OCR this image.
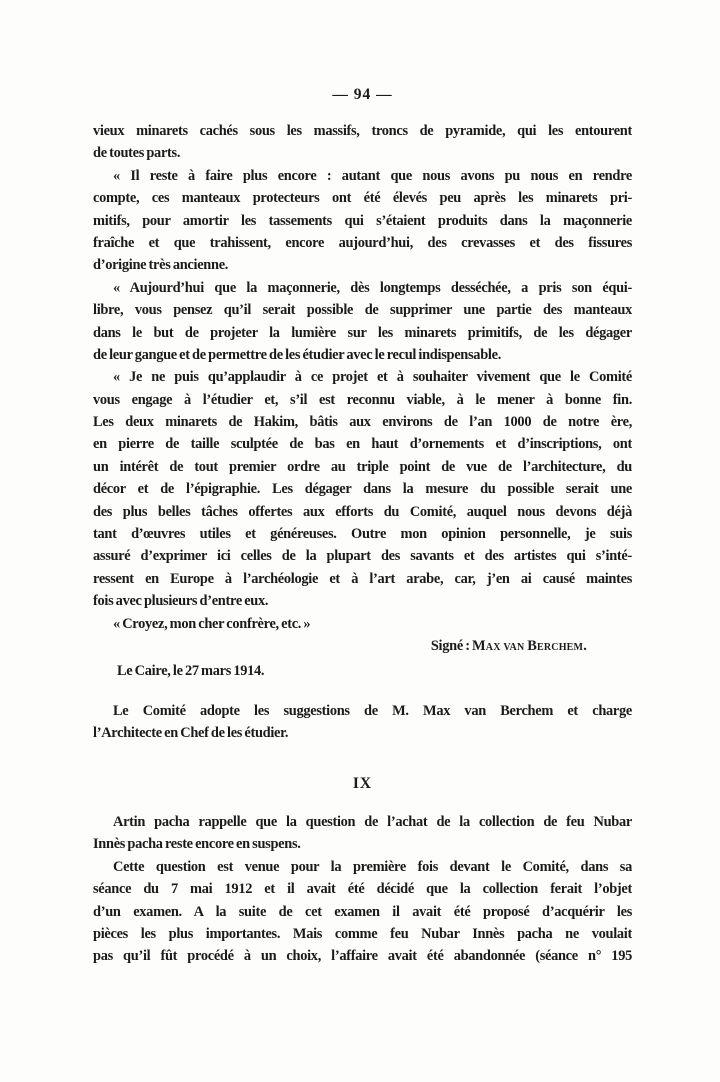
— 94 —
vieux minarets cachés sous les massifs, troncs de pyramide, qui les entourent
de toutes parts.
« Il reste à faire plus encore : autant que nous avons pu nous en rendre
compte, ces manteaux protecteurs ont été élevés peu après les minarets pri-
mitifs, pour amortir les tassements qui s’étaient produits dans la maçonnerie
fraîche et que trahissent, encore aujourd’hui, des crevasses et des fissures
d’origine très ancienne.
« Aujourd’hui que la maçonnerie, dès longtemps desséchée, a pris son équi-
libre, vous pensez qu’il serait possible de supprimer une partie des manteaux
dans le but de projeter la lumière sur les minarets primitifs, de les dégager
de leur gangue et de permettre de les étudier avec le recul indispensable.
« Je ne puis qu’applaudir à ce projet et à souhaiter vivement que le Comité
vous engage à l’étudier et, s’il est reconnu viable, à le mener à bonne fin.
Les deux minarets de Hakim, bâtis aux environs de l’an 1000 de notre ère,
en pierre de taille sculptée de bas en haut d’ornements et d’inscriptions, ont
un intérêt de tout premier ordre au triple point de vue de l’architecture, du
décor et de l’épigraphie. Les dégager dans la mesure du possible serait une
des plus belles tâches offertes aux efforts du Comité, auquel nous devons déjà
tant d’œuvres utiles et généreuses. Outre mon opinion personnelle, je suis
assuré d’exprimer ici celles de la plupart des savants et des artistes qui s’inté-
ressent en Europe à l’archéologie et à l’art arabe, car, j’en ai causé maintes
fois avec plusieurs d’entre eux.
« Croyez, mon cher confrère, etc. »
Signé : Max van Berchem.
Le Caire, le 27 mars 1914.
Le Comité adopte les suggestions de M. Max van Berchem et charge
l’Architecte en Chef de les étudier.
IX
Artin pacha rappelle que la question de l’achat de la collection de feu Nubar
Innès pacha reste encore en suspens.
Cette question est venue pour la première fois devant le Comité, dans sa
séance du 7 mai 1912 et il avait été décidé que la collection ferait l’objet
d’un examen. A la suite de cet examen il avait été proposé d’acquérir les
pièces les plus importantes. Mais comme feu Nubar Innès pacha ne voulait
pas qu’il fût procédé à un choix, l’affaire avait été abandonnée (séance n° 195
